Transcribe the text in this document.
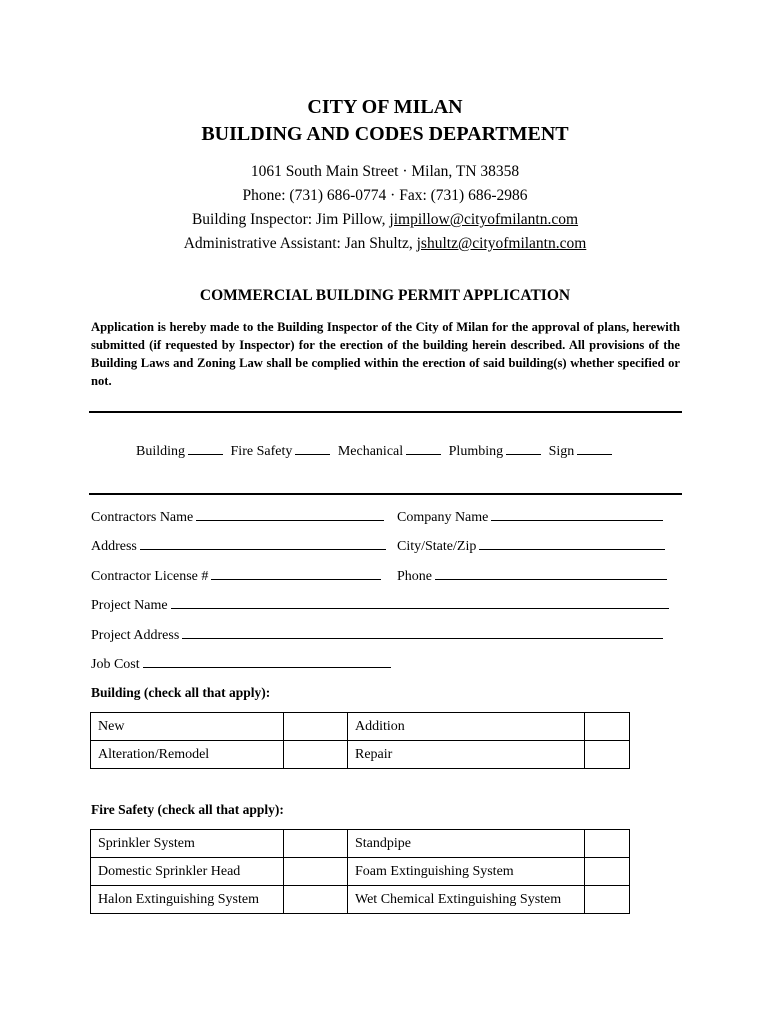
CITY OF MILAN
BUILDING AND CODES DEPARTMENT
1061 South Main Street · Milan, TN 38358
Phone: (731) 686-0774 · Fax: (731) 686-2986
Building Inspector: Jim Pillow, jimpillow@cityofmilantn.com
Administrative Assistant: Jan Shultz, jshultz@cityofmilantn.com
COMMERCIAL BUILDING PERMIT APPLICATION
Application is hereby made to the Building Inspector of the City of Milan for the approval of plans, herewith submitted (if requested by Inspector) for the erection of the building herein described. All provisions of the Building Laws and Zoning Law shall be complied within the erection of said building(s) whether specified or not.
Building	Fire Safety	Mechanical	Plumbing	Sign
Contractors Name	Company Name
Address	City/State/Zip
Contractor License #	Phone
Project Name
Project Address
Job Cost
Building (check all that apply):
New		Addition	
Alteration/Remodel		Repair	
Fire Safety (check all that apply):
Sprinkler System		Standpipe	
Domestic Sprinkler Head		Foam Extinguishing System	
Halon Extinguishing System		Wet Chemical Extinguishing System	
